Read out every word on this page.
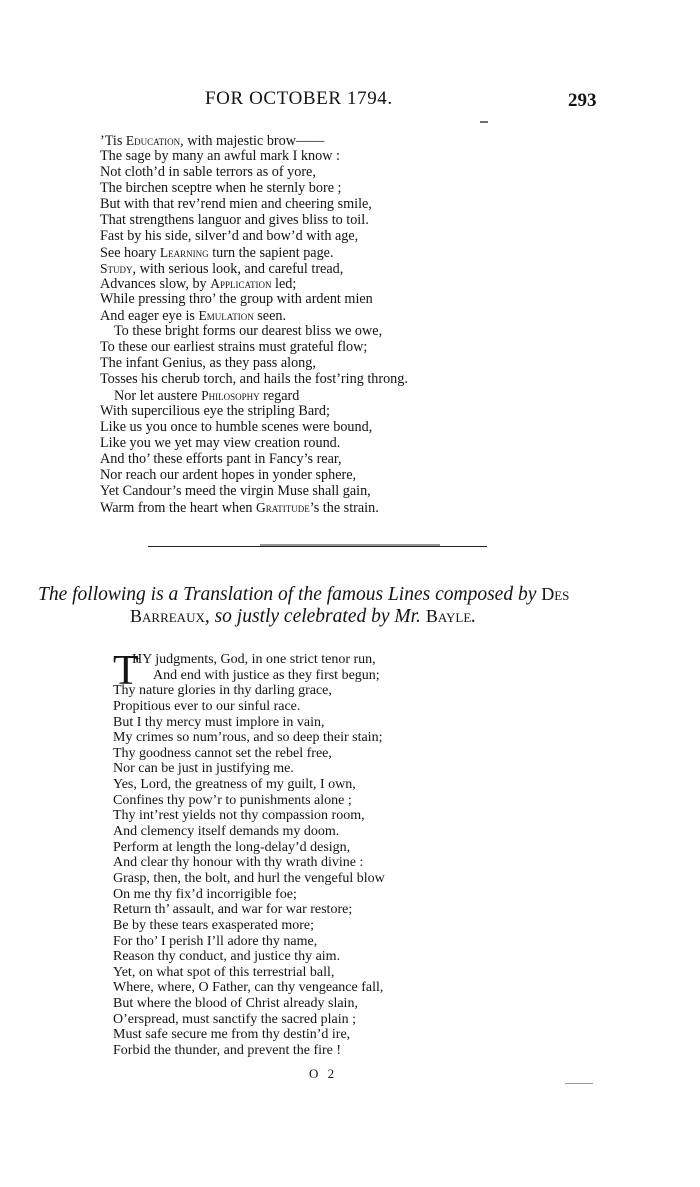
FOR OCTOBER 1794.	293
’Tis Education, with majestic brow——
The sage by many an awful mark I know :
Not cloth’d in sable terrors as of yore,
The birchen sceptre when he sternly bore ;
But with that rev’rend mien and cheering smile,
That strengthens languor and gives bliss to toil.
Fast by his side, silver’d and bow’d with age,
See hoary Learning turn the sapient page.
Study, with serious look, and careful tread,
Advances slow, by Application led;
While pressing thro’ the group with ardent mien
And eager eye is Emulation seen.
To these bright forms our dearest bliss we owe,
To these our earliest strains must grateful flow;
The infant Genius, as they pass along,
Tosses his cherub torch, and hails the fost’ring throng.
Nor let austere Philosophy regard
With supercilious eye the stripling Bard;
Like us you once to humble scenes were bound,
Like you we yet may view creation round.
And tho’ these efforts pant in Fancy’s rear,
Nor reach our ardent hopes in yonder sphere,
Yet Candour’s meed the virgin Muse shall gain,
Warm from the heart when Gratitude’s the strain.
The following is a Translation of the famous Lines composed by Des
Barreaux, so justly celebrated by Mr. Bayle.
T
HY judgments, God, in one strict tenor run,
And end with justice as they first begun;
Thy nature glories in thy darling grace,
Propitious ever to our sinful race.
But I thy mercy must implore in vain,
My crimes so num’rous, and so deep their stain;
Thy goodness cannot set the rebel free,
Nor can be just in justifying me.
Yes, Lord, the greatness of my guilt, I own,
Confines thy pow’r to punishments alone ;
Thy int’rest yields not thy compassion room,
And clemency itself demands my doom.
Perform at length the long-delay’d design,
And clear thy honour with thy wrath divine :
Grasp, then, the bolt, and hurl the vengeful blow
On me thy fix’d incorrigible foe;
Return th’ assault, and war for war restore;
Be by these tears exasperated more;
For tho’ I perish I’ll adore thy name,
Reason thy conduct, and justice thy aim.
Yet, on what spot of this terrestrial ball,
Where, where, O Father, can thy vengeance fall,
But where the blood of Christ already slain,
O’erspread, must sanctify the sacred plain ;
Must safe secure me from thy destin’d ire,
Forbid the thunder, and prevent the fire !
O 2
